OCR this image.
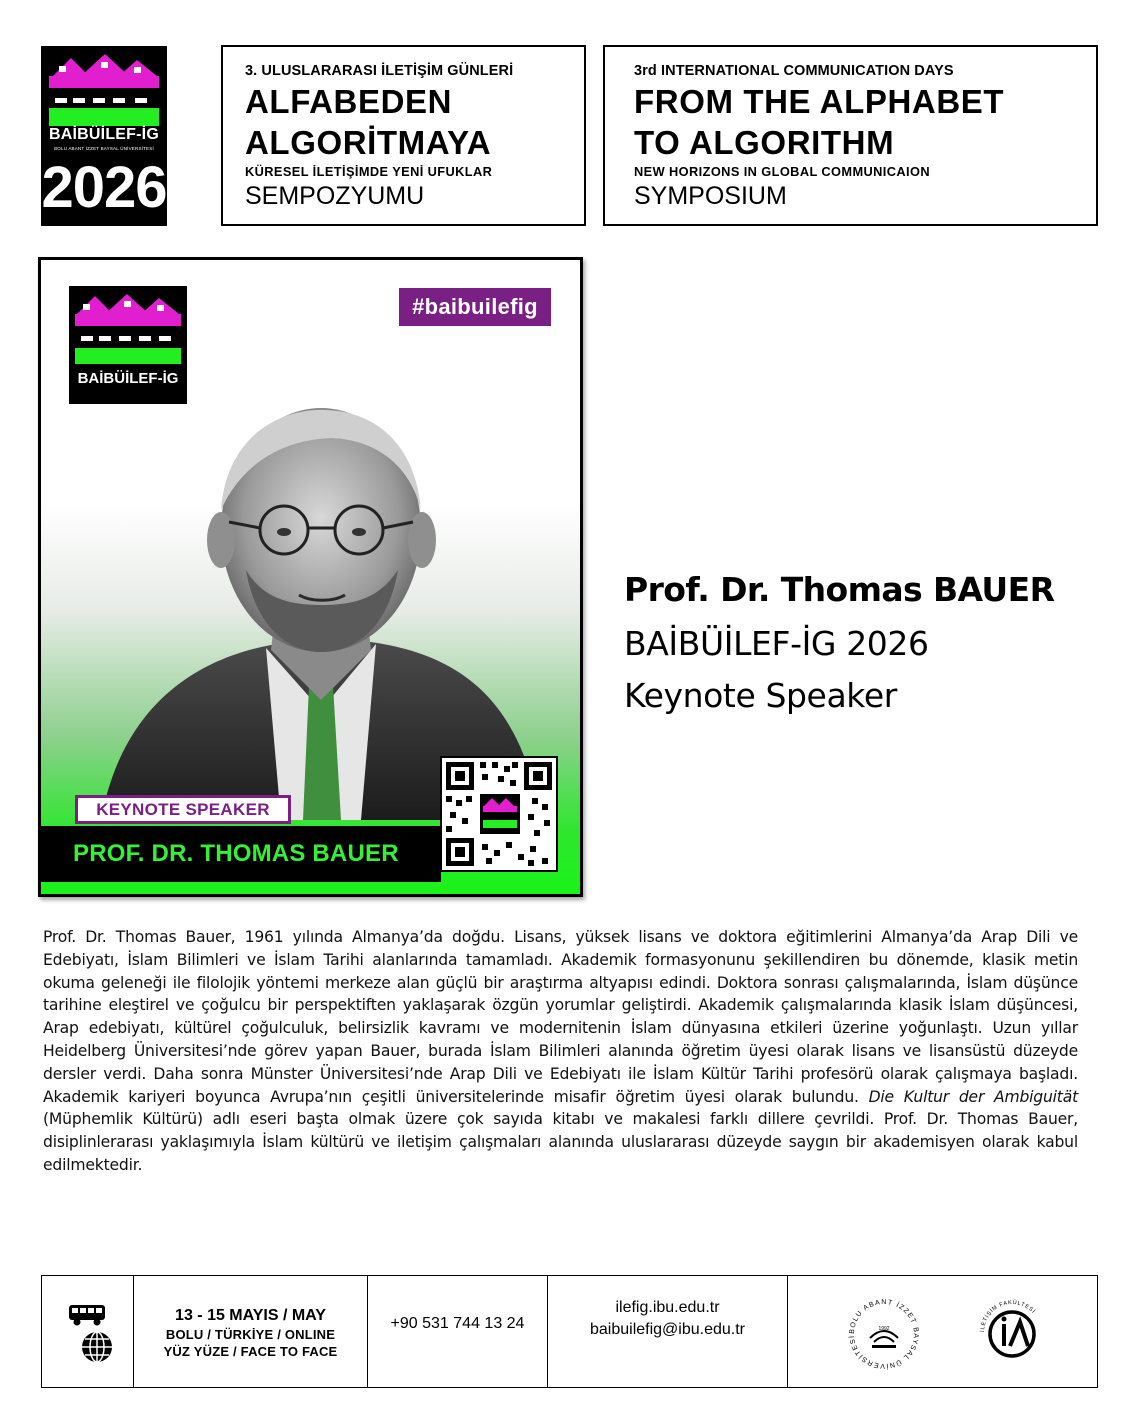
BAİBÜİLEF-İG
BOLU ABANT İZZET BAYSAL ÜNİVERSİTESİ
2026
3. ULUSLARARASI İLETİŞİM GÜNLERİ
ALFABEDEN
ALGORİTMAYA
KÜRESEL İLETİŞİMDE YENİ UFUKLAR
SEMPOZYUMU
3rd INTERNATIONAL COMMUNICATION DAYS
FROM THE ALPHABET
TO ALGORITHM
NEW HORIZONS IN GLOBAL COMMUNICAION
SYMPOSIUM
BAİBÜİLEF-İG
#baibuilefig
KEYNOTE SPEAKER
PROF. DR. THOMAS BAUER
Prof. Dr. Thomas BAUER
BAİBÜİLEF-İG 2026
Keynote Speaker
Prof. Dr. Thomas Bauer, 1961 yılında Almanya’da doğdu. Lisans, yüksek lisans ve doktora eğitimlerini Almanya’da Arap Dili ve Edebiyatı, İslam Bilimleri ve İslam Tarihi alanlarında tamamladı. Akademik formasyonunu şekillendiren bu dönemde, klasik metin okuma geleneği ile filolojik yöntemi merkeze alan güçlü bir araştırma altyapısı edindi. Doktora sonrası çalışmalarında, İslam düşünce tarihine eleştirel ve çoğulcu bir perspektiften yaklaşarak özgün yorumlar geliştirdi. Akademik çalışmalarında klasik İslam düşüncesi, Arap edebiyatı, kültürel çoğulculuk, belirsizlik kavramı ve modernitenin İslam dünyasına etkileri üzerine yoğunlaştı. Uzun yıllar Heidelberg Üniversitesi’nde görev yapan Bauer, burada İslam Bilimleri alanında öğretim üyesi olarak lisans ve lisansüstü düzeyde dersler verdi. Daha sonra Münster Üniversitesi’nde Arap Dili ve Edebiyatı ile İslam Kültür Tarihi profesörü olarak çalışmaya başladı. Akademik kariyeri boyunca Avrupa’nın çeşitli üniversitelerinde misafir öğretim üyesi olarak bulundu. Die Kultur der Ambiguität (Müphemlik Kültürü) adlı eseri başta olmak üzere çok sayıda kitabı ve makalesi farklı dillere çevrildi. Prof. Dr. Thomas Bauer, disiplinlerarası yaklaşımıyla İslam kültürü ve iletişim çalışmaları alanında uluslararası düzeyde saygın bir akademisyen olarak kabul edilmektedir.
13 - 15 MAYIS / MAY
BOLU / TÜRKİYE / ONLINE
YÜZ YÜZE / FACE TO FACE
+90 531 744 13 24
ilefig.ibu.edu.tr
baibuilefig@ibu.edu.tr	BOLU ABANT İZZET BAYSAL ÜNİVERSİTESİ
1992	İLETİŞİM FAKÜLTESİ
